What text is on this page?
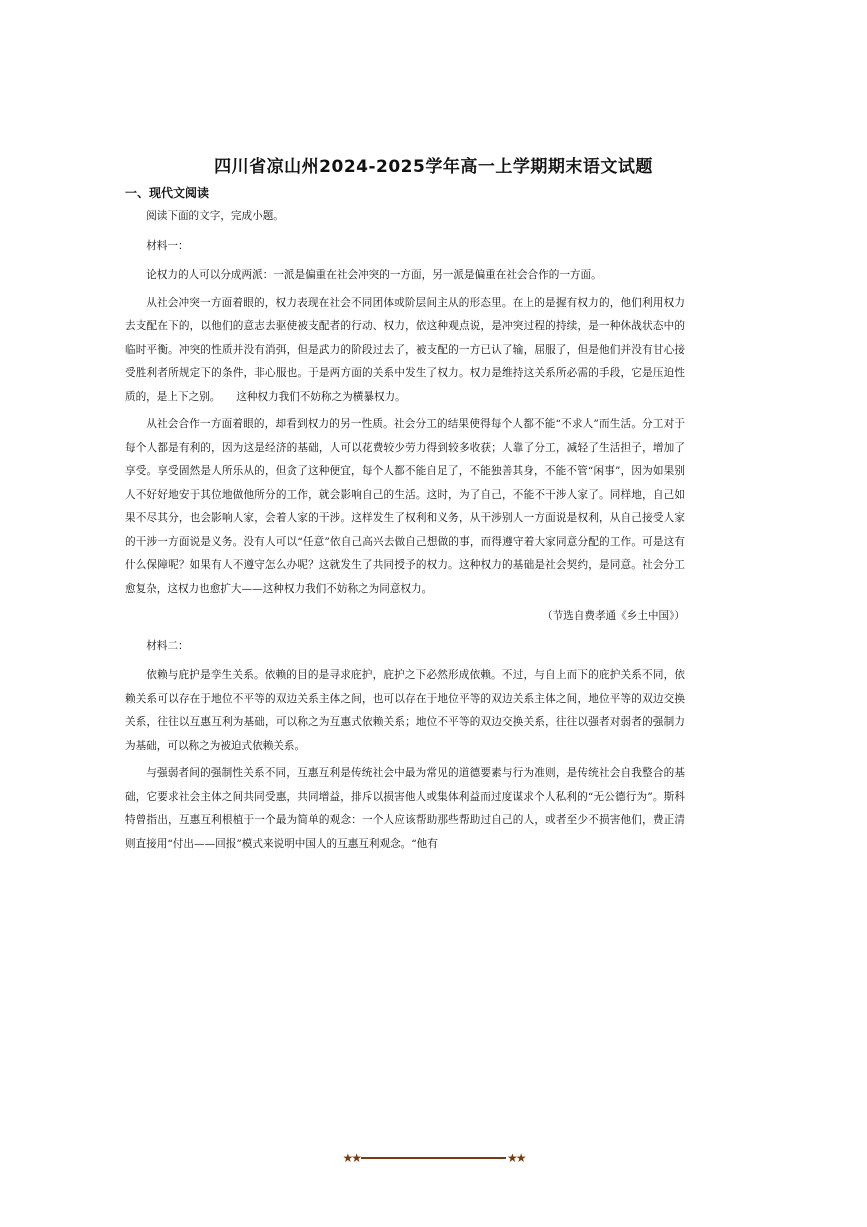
四川省凉山州2024-2025学年高一上学期期末语文试题
一、现代文阅读

阅读下面的文字，完成小题。

材料一：

论权力的人可以分成两派：一派是偏重在社会冲突的一方面，另一派是偏重在社会合作的一方面。

从社会冲突一方面着眼的，权力表现在社会不同团体或阶层间主从的形态里。在上的是握有权力的，他们利用权力去支配在下的，以他们的意志去驱使被支配者的行动、权力，依这种观点说，是冲突过程的持续，是一种休战状态中的临时平衡。冲突的性质并没有消弭，但是武力的阶段过去了，被支配的一方已认了输，屈服了，但是他们并没有甘心接受胜利者所规定下的条件，非心服也。于是两方面的关系中发生了权力。权力是维持这关系所必需的手段，它是压迫性质的，是上下之别。　　这种权力我们不妨称之为横暴权力。

从社会合作一方面着眼的，却看到权力的另一性质。社会分工的结果使得每个人都不能“不求人”而生活。分工对于每个人都是有利的，因为这是经济的基础，人可以花费较少劳力得到较多收获；人靠了分工，减轻了生活担子，增加了享受。享受固然是人所乐从的，但贪了这种便宜，每个人都不能自足了，不能独善其身，不能不管“闲事”，因为如果别人不好好地安于其位地做他所分的工作，就会影响自己的生活。这时，为了自己，不能不干涉人家了。同样地，自己如果不尽其分，也会影响人家，会着人家的干涉。这样发生了权利和义务，从干涉别人一方面说是权利，从自己接受人家的干涉一方面说是义务。没有人可以“任意”依自己高兴去做自己想做的事，而得遵守着大家同意分配的工作。可是这有什么保障呢？如果有人不遵守怎么办呢？这就发生了共同授予的权力。这种权力的基础是社会契约，是同意。社会分工愈复杂，这权力也愈扩大——这种权力我们不妨称之为同意权力。

（节选自费孝通《乡土中国》）

材料二：

依赖与庇护是孪生关系。依赖的目的是寻求庇护，庇护之下必然形成依赖。不过，与自上而下的庇护关系不同，依赖关系可以存在于地位不平等的双边关系主体之间，也可以存在于地位平等的双边关系主体之间，地位平等的双边交换关系，往往以互惠互利为基础，可以称之为互惠式依赖关系；地位不平等的双边交换关系，往往以强者对弱者的强制力为基础，可以称之为被迫式依赖关系。

与强弱者间的强制性关系不同，互惠互利是传统社会中最为常见的道德要素与行为准则，是传统社会自我整合的基础，它要求社会主体之间共同受惠，共同增益，排斥以损害他人或集体利益而过度谋求个人私利的“无公德行为”。斯科特曾指出，互惠互利根植于一个最为简单的观念：一个人应该帮助那些帮助过自己的人，或者至少不损害他们，费正清则直接用“付出——回报”模式来说明中国人的互惠互利观念。“他有

★★	★★
